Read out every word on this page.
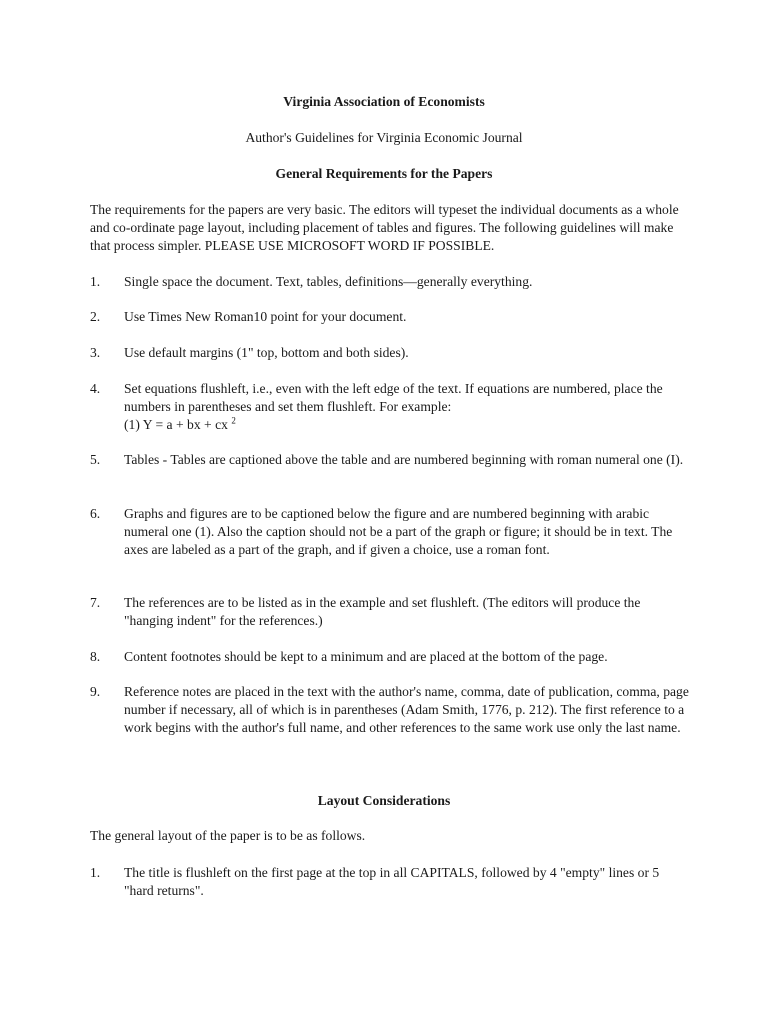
Virginia Association of Economists
Author's Guidelines for Virginia Economic Journal
General Requirements for the Papers
The requirements for the papers are very basic. The editors will typeset the individual documents as a whole and co-ordinate page layout, including placement of tables and figures. The following guidelines will make that process simpler. PLEASE USE MICROSOFT WORD IF POSSIBLE.
1.	Single space the document. Text, tables, definitions—generally everything.
2.	Use Times New Roman10 point for your document.
3.	Use default margins (1" top, bottom and both sides).
4.	Set equations flushleft, i.e., even with the left edge of the text. If equations are numbered, place the numbers in parentheses and set them flushleft. For example:
(1) Y = a + bx + cx $^2$
5.	Tables - Tables are captioned above the table and are numbered beginning with roman numeral one (I).
6.	Graphs and figures are to be captioned below the figure and are numbered beginning with arabic numeral one (1). Also the caption should not be a part of the graph or figure; it should be in text. The axes are labeled as a part of the graph, and if given a choice, use a roman font.
7.	The references are to be listed as in the example and set flushleft. (The editors will produce the "hanging indent" for the references.)
8.	Content footnotes should be kept to a minimum and are placed at the bottom of the page.
9.	Reference notes are placed in the text with the author's name, comma, date of publication, comma, page number if necessary, all of which is in parentheses (Adam Smith, 1776, p. 212). The first reference to a work begins with the author's full name, and other references to the same work use only the last name.
Layout Considerations
The general layout of the paper is to be as follows.
1.	The title is flushleft on the first page at the top in all CAPITALS, followed by 4 "empty" lines or 5 "hard returns".
